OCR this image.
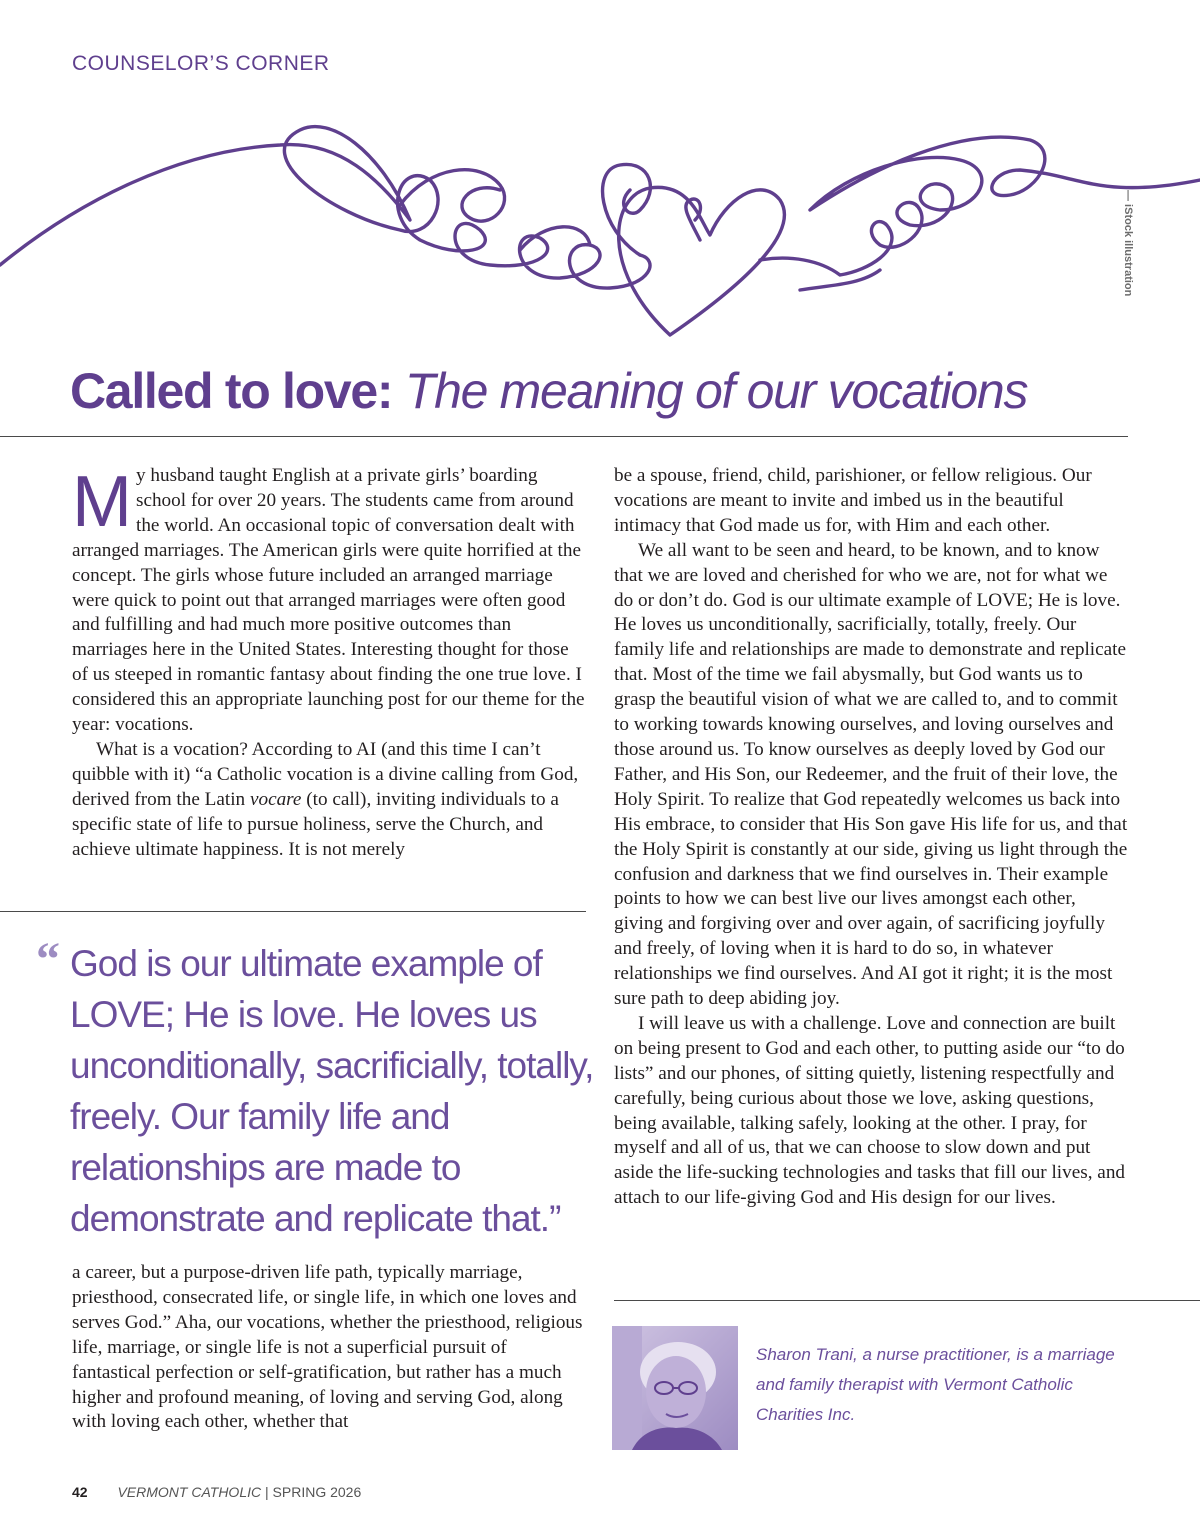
COUNSELOR’S CORNER
— iStock illustration
Called to love: The meaning of our vocations

My husband taught English at a private girls’ boarding school for over 20 years. The students came from around the world. An occasional topic of conversation dealt with arranged marriages. The American girls were quite horrified at the concept. The girls whose future included an arranged marriage were quick to point out that arranged marriages were often good and fulfilling and had much more positive outcomes than marriages here in the United States. Interesting thought for those of us steeped in romantic fantasy about finding the one true love. I considered this an appropriate launching post for our theme for the year: vocations.

What is a vocation? According to AI (and this time I can’t quibble with it) “a Catholic vocation is a divine calling from God, derived from the Latin vocare (to call), inviting individuals to a specific state of life to pursue holiness, serve the Church, and achieve ultimate happiness. It is not merely

“ God is our ultimate example of LOVE; He is love. He loves us unconditionally, sacrificially, totally, freely. Our family life and relationships are made to demonstrate and replicate that.”

a career, but a purpose-driven life path, typically marriage, priesthood, consecrated life, or single life, in which one loves and serves God.” Aha, our vocations, whether the priesthood, religious life, marriage, or single life is not a superficial pursuit of fantastical perfection or self-gratification, but rather has a much higher and profound meaning, of loving and serving God, along with loving each other, whether that

be a spouse, friend, child, parishioner, or fellow religious. Our vocations are meant to invite and imbed us in the beautiful intimacy that God made us for, with Him and each other.

We all want to be seen and heard, to be known, and to know that we are loved and cherished for who we are, not for what we do or don’t do. God is our ultimate example of LOVE; He is love. He loves us unconditionally, sacrificially, totally, freely. Our family life and relationships are made to demonstrate and replicate that. Most of the time we fail abysmally, but God wants us to grasp the beautiful vision of what we are called to, and to commit to working towards knowing ourselves, and loving ourselves and those around us. To know ourselves as deeply loved by God our Father, and His Son, our Redeemer, and the fruit of their love, the Holy Spirit. To realize that God repeatedly welcomes us back into His embrace, to consider that His Son gave His life for us, and that the Holy Spirit is constantly at our side, giving us light through the confusion and darkness that we find ourselves in. Their example points to how we can best live our lives amongst each other, giving and forgiving over and over again, of sacrificing joyfully and freely, of loving when it is hard to do so, in whatever relationships we find ourselves. And AI got it right; it is the most sure path to deep abiding joy.

I will leave us with a challenge. Love and connection are built on being present to God and each other, to putting aside our “to do lists” and our phones, of sitting quietly, listening respectfully and carefully, being curious about those we love, asking questions, being available, talking safely, looking at the other. I pray, for myself and all of us, that we can choose to slow down and put aside the life-sucking technologies and tasks that fill our lives, and attach to our life-giving God and His design for our lives.

Sharon Trani, a nurse practitioner, is a marriage and family therapist with Vermont Catholic Charities Inc.
42 VERMONT CATHOLIC | SPRING 2026
